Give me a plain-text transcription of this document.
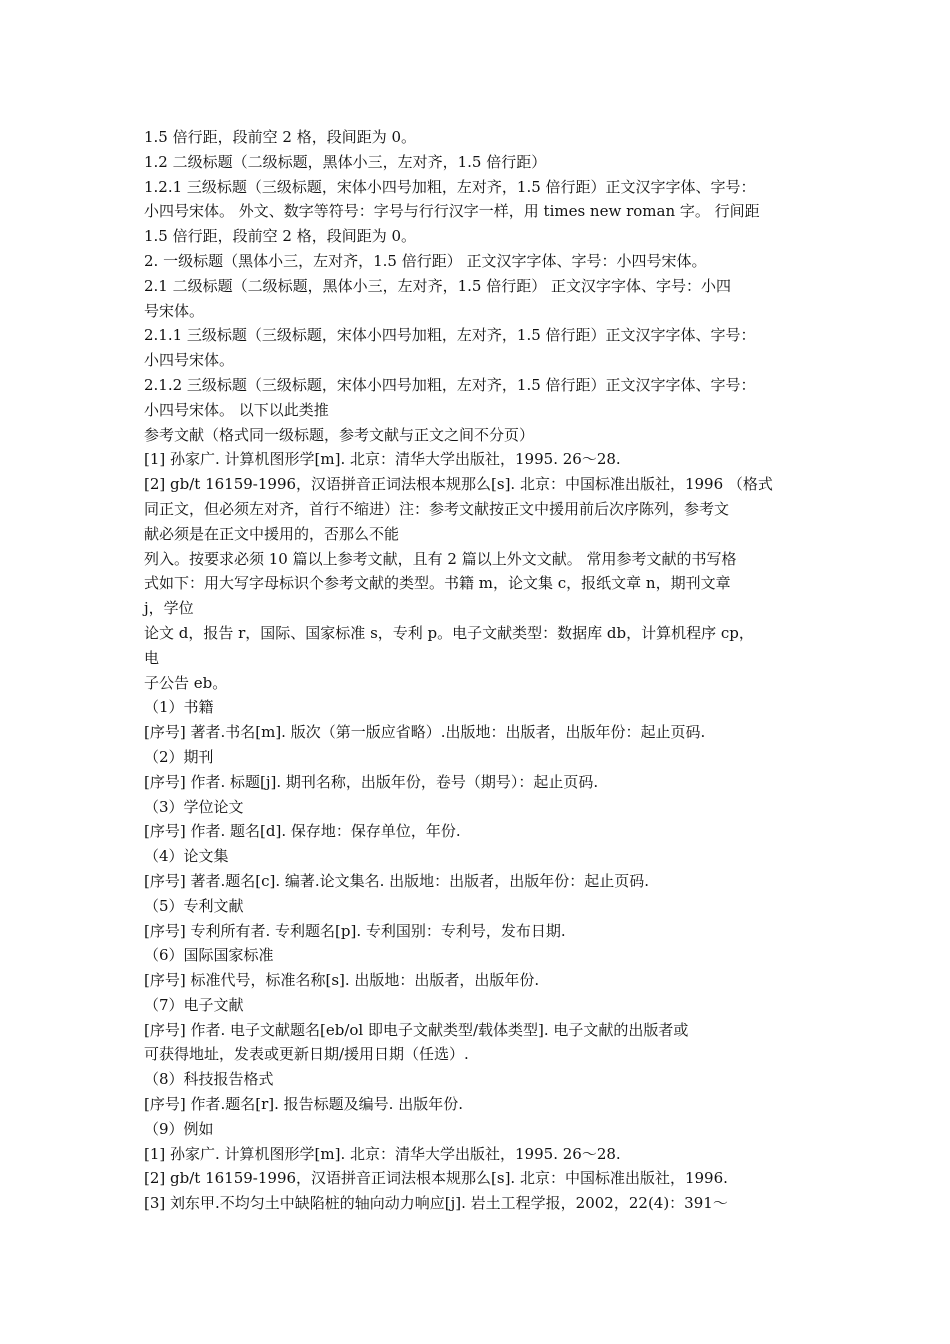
1.5 倍行距，段前空 2 格，段间距为 0。

1.2 二级标题（二级标题，黑体小三，左对齐，1.5 倍行距）

1.2.1 三级标题（三级标题，宋体小四号加粗，左对齐，1.5 倍行距）正文汉字字体、字号：

小四号宋体。 外文、数字等符号：字号与行行汉字一样，用 times new roman 字。 行间距

1.5 倍行距，段前空 2 格，段间距为 0。

2. 一级标题（黑体小三，左对齐，1.5 倍行距） 正文汉字字体、字号：小四号宋体。

2.1 二级标题（二级标题，黑体小三，左对齐，1.5 倍行距） 正文汉字字体、字号：小四

号宋体。

2.1.1 三级标题（三级标题，宋体小四号加粗，左对齐，1.5 倍行距）正文汉字字体、字号：

小四号宋体。

2.1.2 三级标题（三级标题，宋体小四号加粗，左对齐，1.5 倍行距）正文汉字字体、字号：

小四号宋体。 以下以此类推

参考文献（格式同一级标题，参考文献与正文之间不分页）

[1] 孙家广. 计算机图形学[m]. 北京：清华大学出版社，1995. 26～28.

[2] gb/t 16159-1996，汉语拼音正词法根本规那么[s]. 北京：中国标准出版社，1996 （格式

同正文，但必须左对齐，首行不缩进）注：参考文献按正文中援用前后次序陈列，参考文

献必须是在正文中援用的，否那么不能

列入。按要求必须 10 篇以上参考文献，且有 2 篇以上外文文献。 常用参考文献的书写格

式如下：用大写字母标识个参考文献的类型。书籍 m，论文集 c，报纸文章 n，期刊文章

j，学位

论文 d，报告 r，国际、国家标准 s，专利 p。电子文献类型：数据库 db，计算机程序 cp，

电

子公告 eb。

（1）书籍

[序号] 著者.书名[m]. 版次（第一版应省略）.出版地：出版者，出版年份：起止页码.

（2）期刊

[序号] 作者. 标题[j]. 期刊名称，出版年份，卷号（期号）：起止页码.

（3）学位论文

[序号] 作者. 题名[d]. 保存地：保存单位，年份.

（4）论文集

[序号] 著者.题名[c]. 编著.论文集名. 出版地：出版者，出版年份：起止页码.

（5）专利文献

[序号] 专利所有者. 专利题名[p]. 专利国别：专利号，发布日期.

（6）国际国家标准

[序号] 标准代号，标准名称[s]. 出版地：出版者，出版年份.

（7）电子文献

[序号] 作者. 电子文献题名[eb/ol 即电子文献类型/载体类型]. 电子文献的出版者或

可获得地址，发表或更新日期/援用日期（任选）.

（8）科技报告格式

[序号] 作者.题名[r]. 报告标题及编号. 出版年份.

（9）例如

[1] 孙家广. 计算机图形学[m]. 北京：清华大学出版社，1995. 26～28.

[2] gb/t 16159-1996，汉语拼音正词法根本规那么[s]. 北京：中国标准出版社，1996.

[3] 刘东甲.不均匀土中缺陷桩的轴向动力响应[j]. 岩土工程学报，2002，22(4)：391～
